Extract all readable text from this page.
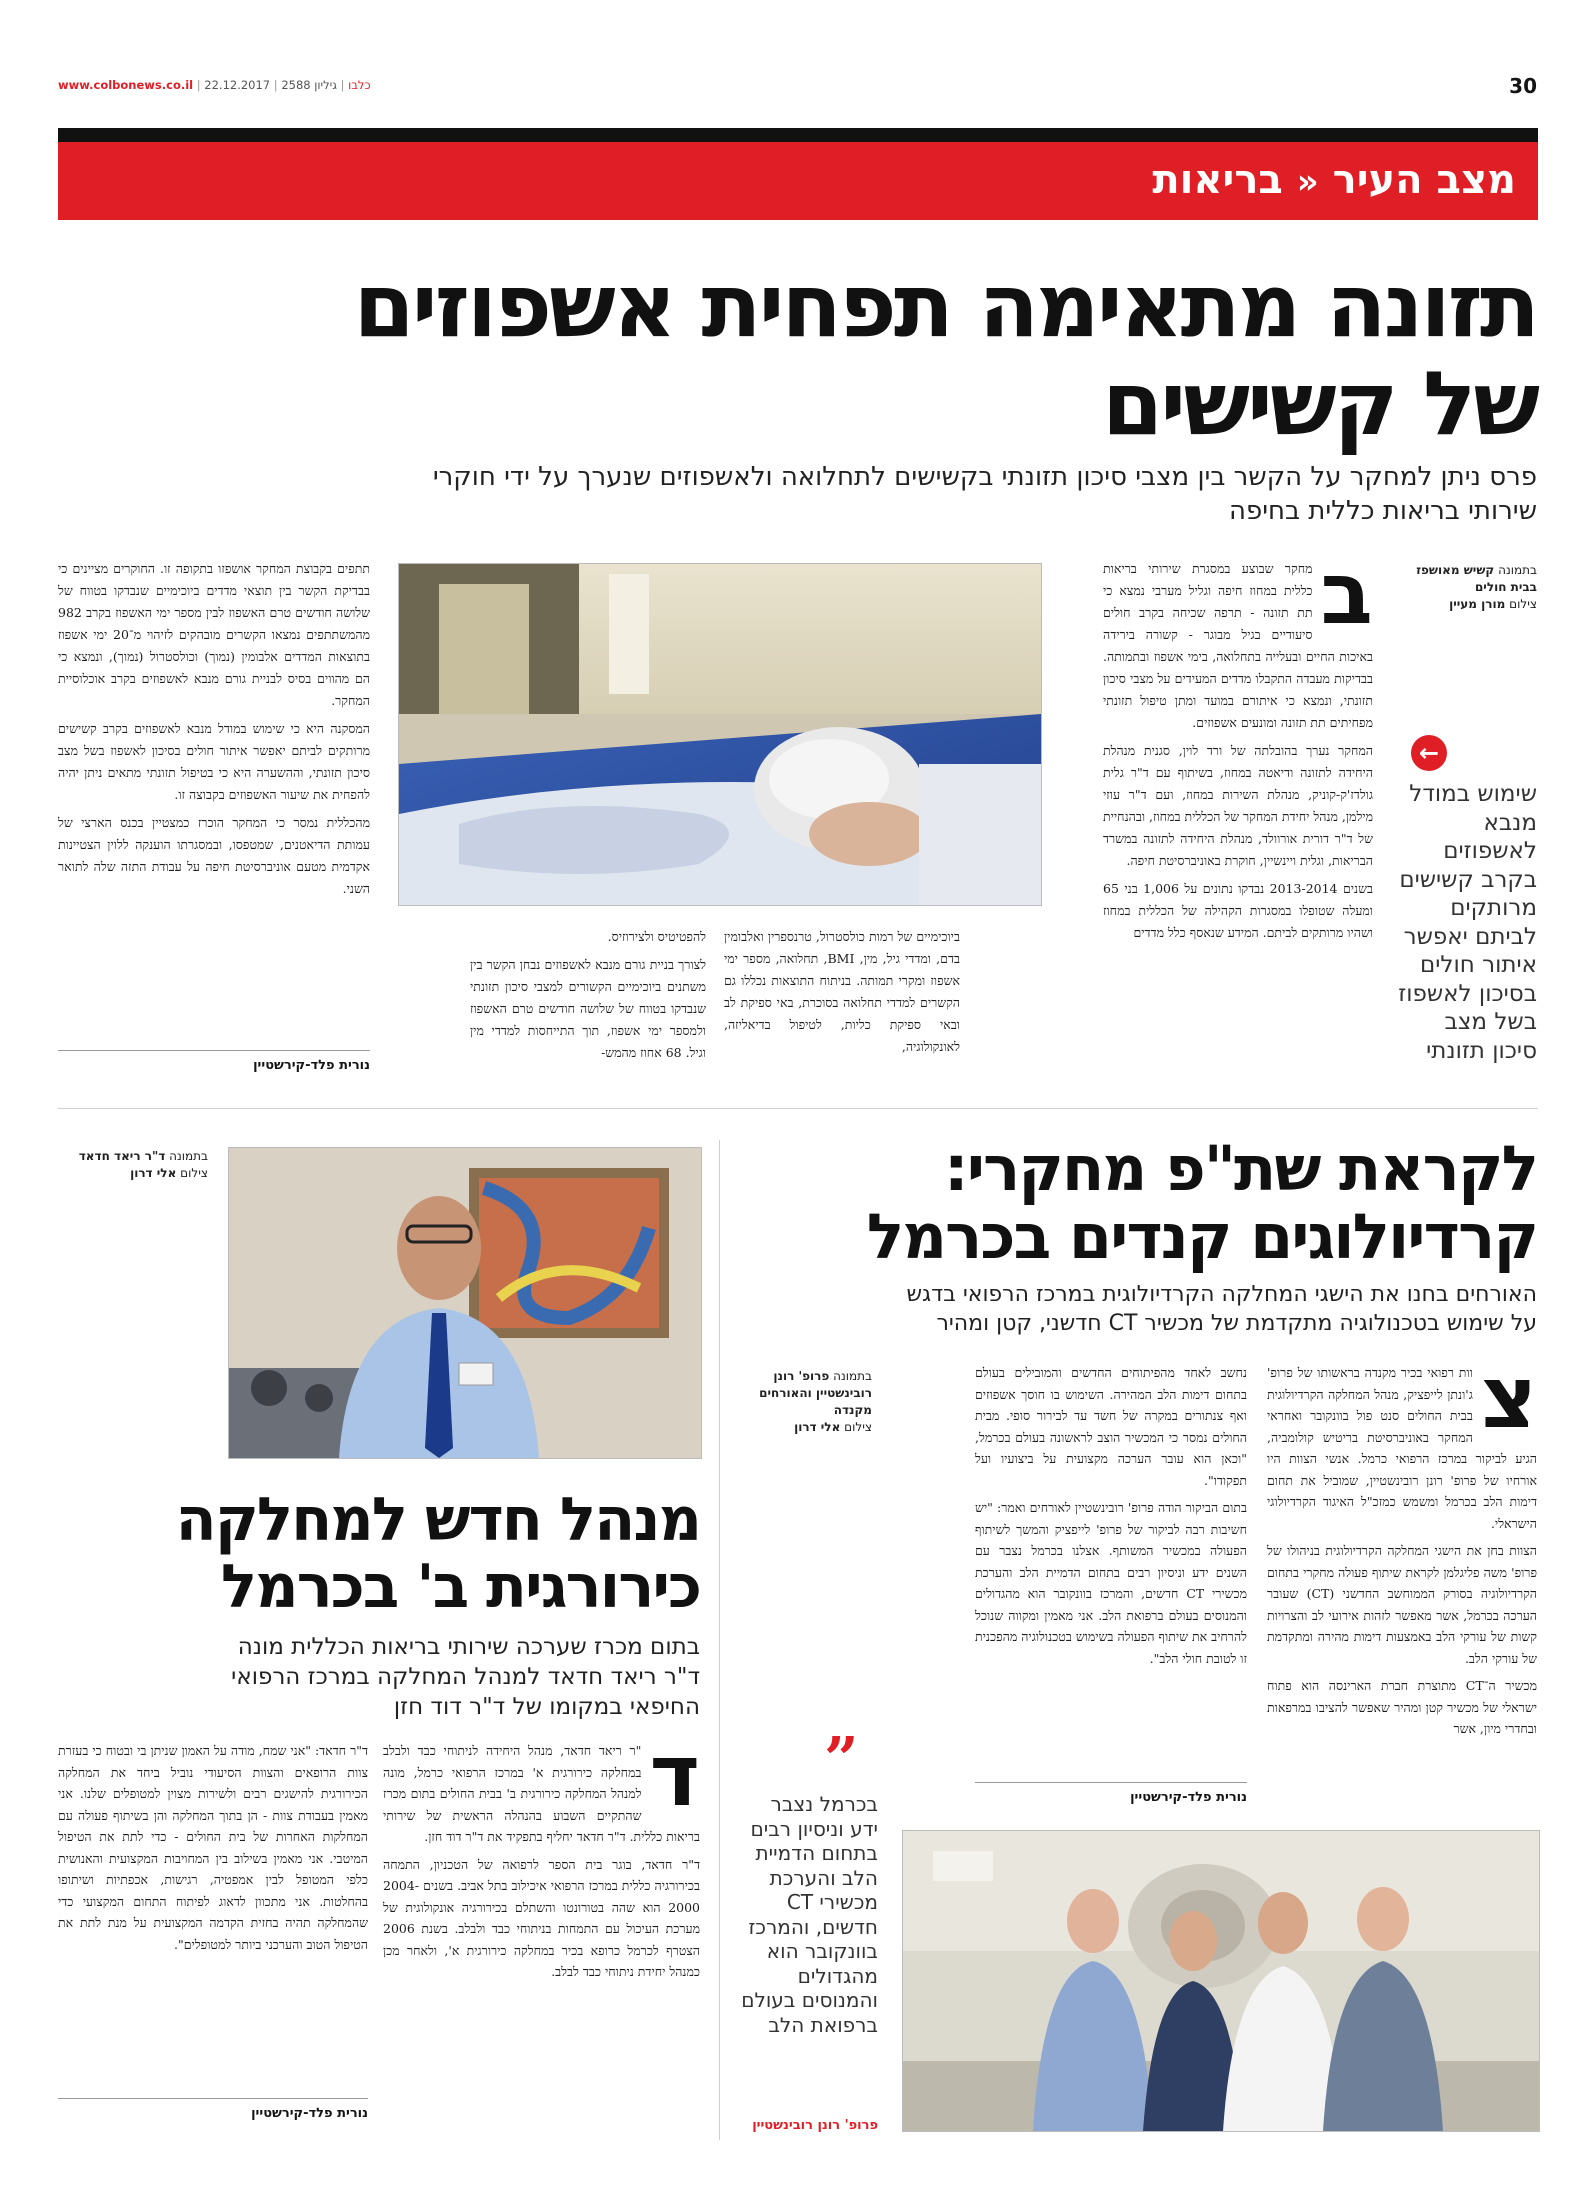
www.colbonews.co.il |	כלבו | גיליון 2588 | 22.12.2017	30
מצב העיר « בריאות
תזונה מתאימה תפחית אשפוזים
של קשישים
פרס ניתן למחקר על הקשר בין מצבי סיכון תזונתי בקשישים לתחלואה ולאשפוזים שנערך על ידי חוקרי
שירותי בריאות כללית בחיפה
בתמונה קשיש מאושפז בבית חולים
צילום מורן מעיין
←
שימוש במודל מנבא לאשפוזים בקרב קשישים מרותקים לביתם יאפשר איתור חולים בסיכון לאשפוז בשל מצב סיכון תזונתי
ב

מחקר שבוצע במסגרת שירותי בריאות כללית במחוז חיפה וגליל מערבי נמצא כי תת תזונה - תרפה שכיחה בקרב חולים סיעודיים בגיל מבוגר - קשורה בירידה באיכות החיים ובעלייה בתחלואה, בימי אשפוז ובתמותה. בבדיקות מעבדה התקבלו מדדים המעידים על מצבי סיכון תזונתי, ונמצא כי איתורם במועד ומתן טיפול תזונתי מפחיתים תת תזונה ומונעים אשפוזים.

המחקר נערך בהובלתה של ורד לוין, סגנית מנהלת היחידה לתזונה ודיאטה במחוז, בשיתוף עם ד"ר גלית גולדז'ק-קוניק, מנהלת השירות במחוז, ועם ד"ר עוזי מילמן, מנהל יחידת המחקר של הכללית במחוז, ובהנחיית של ד"ר דורית אורוולד, מנהלת היחידה לתזונה במשרד הבריאות, וגלית ויינשיין, חוקרת באוניברסיטת חיפה.

בשנים 2013-2014 נבדקו נתונים על 1,006 בני 65 ומעלה שטופלו במסגרות הקהילה של הכללית במחוז ושהיו מרותקים לביתם. המידע שנאסף כלל מדדים

ביוכימיים של רמות כולסטרול, טרנספרין ואלבומין בדם, ומדדי גיל, מין, BMI, תחלואה, מספר ימי אשפוז ומקרי תמותה. בניתוח התוצאות נכללו גם הקשרים למדדי תחלואה בסוכרת, באי ספיקת לב ובאי ספיקת כליות, לטיפול בדיאליזה, לאונקולוגיה,

להפטיטיס ולצירוזיס.

לצורך בניית גורם מנבא לאשפוזים נבחן הקשר בין משתנים ביוכימיים הקשורים למצבי סיכון תזונתי שנבדקו בטווח של שלושה חודשים טרם האשפוז ולמספר ימי אשפוז, תוך התייחסות למדדי מין וגיל. 68 אחוז מהמש-

תתפים בקבוצת המחקר אושפזו בתקופה זו. החוקרים מציינים כי בבדיקת הקשר בין תוצאי מדדים ביוכימיים שנבדקו בטווח של שלושה חודשים טרם האשפוז לבין מספר ימי האשפוז בקרב 982 מהמשתתפים נמצאו הקשרים מובהקים לזיהוי מ־20 ימי אשפוז בתוצאות המדדים אלבומין (נמוך) וכולסטרול (נמוך), ונמצא כי הם מהווים בסיס לבניית גורם מנבא לאשפוזים בקרב אוכלוסיית המחקר.

המסקנה היא כי שימוש במודל מנבא לאשפוזים בקרב קשישים מרותקים לביתם יאפשר איתור חולים בסיכון לאשפוז בשל מצב סיכון תזונתי, וההשערה היא כי בטיפול תזונתי מתאים ניתן יהיה להפחית את שיעור האשפוזים בקבוצה זו.

מהכללית נמסר כי המחקר הוכרז כמצטיין בכנס הארצי של עמותת הדיאטנים, שמטפסו, ובמסגרתו הוענקה ללוין הצטיינות אקדמית מטעם אוניברסיטת חיפה על עבודת התזה שלה לתואר השני.

נורית פלד-קירשטיין
בתמונה ד"ר ריאד חדאד
צילום אלי דרון
מנהל חדש למחלקה
כירורגית ב' בכרמל
בתום מכרז שערכה שירותי בריאות הכללית מונה
ד"ר ריאד חדאד למנהל המחלקה במרכז הרפואי
החיפאי במקומו של ד"ר דוד חזן
ד

"ר ריאד חדאד, מנהל היחידה לניתוחי כבד ולבלב במחלקה כירורגית א' במרכז הרפואי כרמל, מונה למנהל המחלקה כירורגית ב' בבית החולים בתום מכרז שהתקיים השבוע בהנהלה הראשית של שירותי בריאות כללית. ד"ר חדאד יחליף בתפקיד את ד"ר דוד חזן.

ד"ר חדאד, בוגר בית הספר לרפואה של הטכניון, התמחה בכירורגיה כללית במרכז הרפואי איכילוב בתל אביב. בשנים 2004-2000 הוא שהה בטורונטו והשתלם בכירורגיה אונקולוגית של מערכת העיכול עם התמחות בניתוחי כבד ולבלב. בשנת 2006 הצטרף לכרמל כרופא בכיר במחלקה כירורגית א', ולאחר מכן כמנהל יחידת ניתוחי כבד לבלב.

ד"ר חדאד: "אני שמח, מודה על האמון שניתן בי ובטוח כי בעזרת צוות הרופאים והצוות הסיעודי נוביל ביחד את המחלקה הכירורגית להישגים רבים ולשירות מצוין למטופלים שלנו. אני מאמין בעבודת צוות - הן בתוך המחלקה והן בשיתוף פעולה עם המחלקות האחרות של בית החולים - כדי לתת את הטיפול המיטבי. אני מאמין בשילוב בין המחויבות המקצועית והאנושית כלפי המטופל לבין אמפטיה, רגישות, אכפתיות ושיתופו בהחלטות. אני מתכוון לדאוג לפיתוח התחום המקצועי כדי שהמחלקה תהיה בחזית הקדמה המקצועית על מנת לתת את הטיפול הטוב והערכני ביותר למטופלים".

נורית פלד-קירשטיין
לקראת שת"פ מחקרי:
קרדיולוגים קנדים בכרמל
האורחים בחנו את הישגי המחלקה הקרדיולוגית במרכז הרפואי בדגש
על שימוש בטכנולוגיה מתקדמת של מכשיר CT חדשני, קטן ומהיר
צ

וות רפואי בכיר מקנדה בראשותו של פרופ' ג'ונתן לייפציק, מנהל המחלקה הקרדיולוגית בבית החולים סנט פול בוונקובר ואחראי המחקר באוניברסיטת בריטיש קולומביה, הגיע לביקור במרכז הרפואי כרמל. אנשי הצוות היו אורחיו של פרופ' רונן רובינשטיין, שמוביל את תחום דימות הלב בכרמל ומשמש כמזכ"ל האיגוד הקרדיולוגי הישראלי.

הצוות בחן את הישגי המחלקה הקרדיולוגית בניהולו של פרופ' משה פליגלמן לקראת שיתוף פעולה מחקרי בתחום הקרדיולוגיה בסורק הממוחשב החדשני (CT) שעובר הערכה בכרמל, אשר מאפשר לזהות אירועי לב והצרויות קשות של עורקי הלב באמצעות דימות מהירה ומתקדמת של עורקי הלב.

מכשיר ה־CT מתוצרת חברת הארינסה הוא פתוח ישראלי של מכשיר קטן ומהיר שאפשר להציבו במרפאות ובחדרי מיון, אשר

נחשב לאחד מהפיתוחים החדשים והמובילים בעולם בתחום דימות הלב המהירה. השימוש בו חוסך אשפוזים ואף צנתורים במקרה של חשד עד לבירור סופי. מבית החולים נמסר כי המכשיר הוצב לראשונה בעולם בכרמל, "וכאן הוא עובר הערכה מקצועית על ביצועיו ועל תפקודו".

בתום הביקור הודה פרופ' רובינשטיין לאורחים ואמר: "יש חשיבות רבה לביקור של פרופ' לייפציק והמשך לשיתוף הפעולה במכשיר המשותף. אצלנו בכרמל נצבר עם השנים ידע וניסיון רבים בתחום הדמיית הלב והערכת מכשירי CT חדשים, והמרכז בוונקובר הוא מהגדולים והמנוסים בעולם ברפואת הלב. אני מאמין ומקווה שנוכל להרחיב את שיתוף הפעולה בשימוש בטכנולוגיה מהפכנית זו לטובת חולי הלב".

נורית פלד-קירשטיין
בתמונה פרופ' רונן רובינשטיין והאורחים מקנדה
צילום אלי דרון
”
בכרמל נצבר ידע וניסיון רבים בתחום הדמיית הלב והערכת מכשירי CT חדשים, והמרכז בוונקובר הוא מהגדולים והמנוסים בעולם ברפואת הלב
פרופ' רונן רובינשטיין
